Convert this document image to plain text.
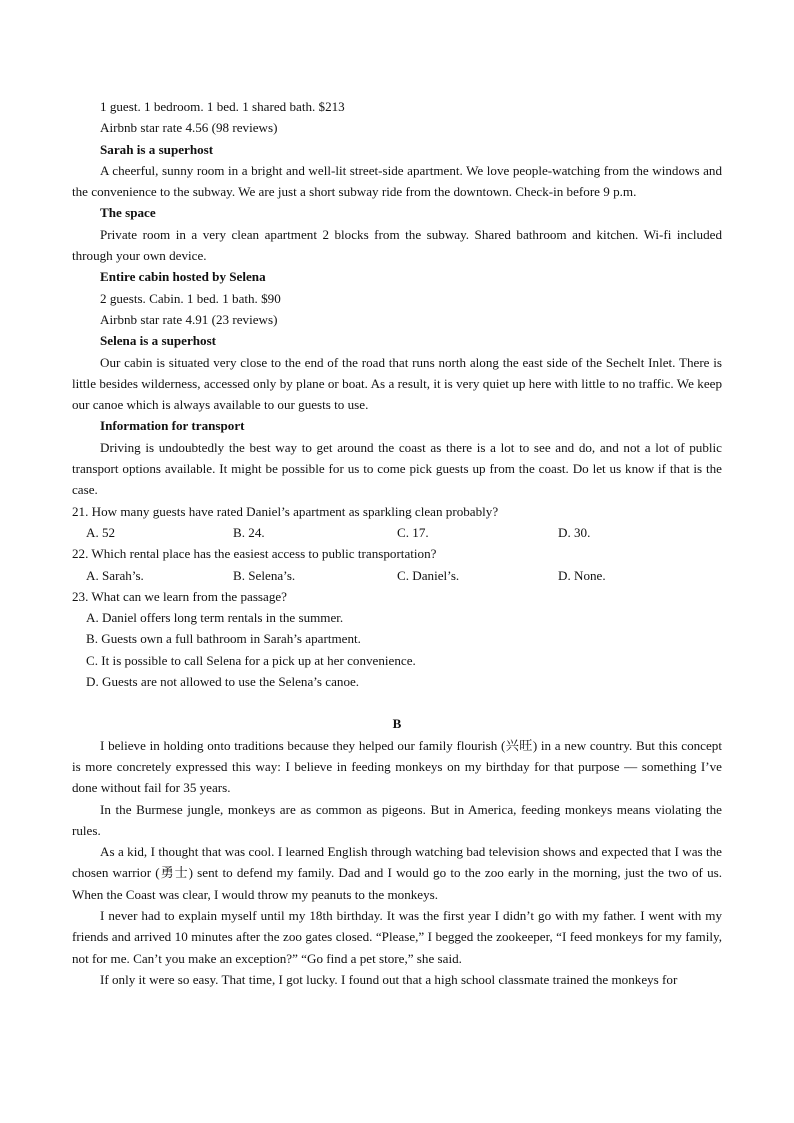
1 guest. 1 bedroom. 1 bed. 1 shared bath. $213
Airbnb star rate 4.56 (98 reviews)
Sarah is a superhost
A cheerful, sunny room in a bright and well-lit street-side apartment. We love people-watching from the windows and the convenience to the subway. We are just a short subway ride from the downtown. Check-in before 9 p.m.
The space
Private room in a very clean apartment 2 blocks from the subway. Shared bathroom and kitchen. Wi-fi included through your own device.
Entire cabin hosted by Selena
2 guests. Cabin. 1 bed. 1 bath. $90
Airbnb star rate 4.91 (23 reviews)
Selena is a superhost
Our cabin is situated very close to the end of the road that runs north along the east side of the Sechelt Inlet. There is little besides wilderness, accessed only by plane or boat. As a result, it is very quiet up here with little to no traffic. We keep our canoe which is always available to our guests to use.
Information for transport
Driving is undoubtedly the best way to get around the coast as there is a lot to see and do, and not a lot of public transport options available. It might be possible for us to come pick guests up from the coast. Do let us know if that is the case.
21. How many guests have rated Daniel’s apartment as sparkling clean probably?
A. 52	B. 24.	C. 17.	D. 30.
22. Which rental place has the easiest access to public transportation?
A. Sarah’s.	B. Selena’s.	C. Daniel’s.	D. None.
23. What can we learn from the passage?
A. Daniel offers long term rentals in the summer.
B. Guests own a full bathroom in Sarah’s apartment.
C. It is possible to call Selena for a pick up at her convenience.
D. Guests are not allowed to use the Selena’s canoe.
B
I believe in holding onto traditions because they helped our family flourish (兴旺) in a new country. But this concept is more concretely expressed this way: I believe in feeding monkeys on my birthday for that purpose — something I’ve done without fail for 35 years.
In the Burmese jungle, monkeys are as common as pigeons. But in America, feeding monkeys means violating the rules.
As a kid, I thought that was cool. I learned English through watching bad television shows and expected that I was the chosen warrior (勇士) sent to defend my family. Dad and I would go to the zoo early in the morning, just the two of us. When the Coast was clear, I would throw my peanuts to the monkeys.
I never had to explain myself until my 18th birthday. It was the first year I didn’t go with my father. I went with my friends and arrived 10 minutes after the zoo gates closed. “Please,” I begged the zookeeper, “I feed monkeys for my family, not for me. Can’t you make an exception?” “Go find a pet store,” she said.
If only it were so easy. That time, I got lucky. I found out that a high school classmate trained the monkeys for
